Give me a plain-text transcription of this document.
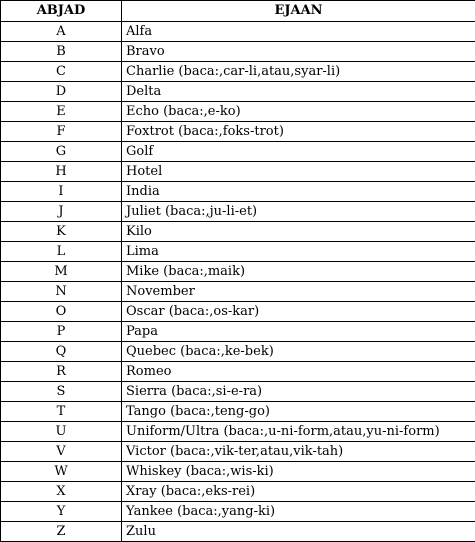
ABJAD	EJAAN
A	Alfa
B	Bravo
C	Charlie (baca:,car-li,atau,syar-li)
D	Delta
E	Echo (baca:,e-ko)
F	Foxtrot (baca:,foks-trot)
G	Golf
H	Hotel
I	India
J	Juliet (baca:,ju-li-et)
K	Kilo
L	Lima
M	Mike (baca:,maik)
N	November
O	Oscar (baca:,os-kar)
P	Papa
Q	Quebec (baca:,ke-bek)
R	Romeo
S	Sierra (baca:,si-e-ra)
T	Tango (baca:,teng-go)
U	Uniform/Ultra (baca:,u-ni-form,atau,yu-ni-form)
V	Victor (baca:,vik-ter,atau,vik-tah)
W	Whiskey (baca:,wis-ki)
X	Xray (baca:,eks-rei)
Y	Yankee (baca:,yang-ki)
Z	Zulu
